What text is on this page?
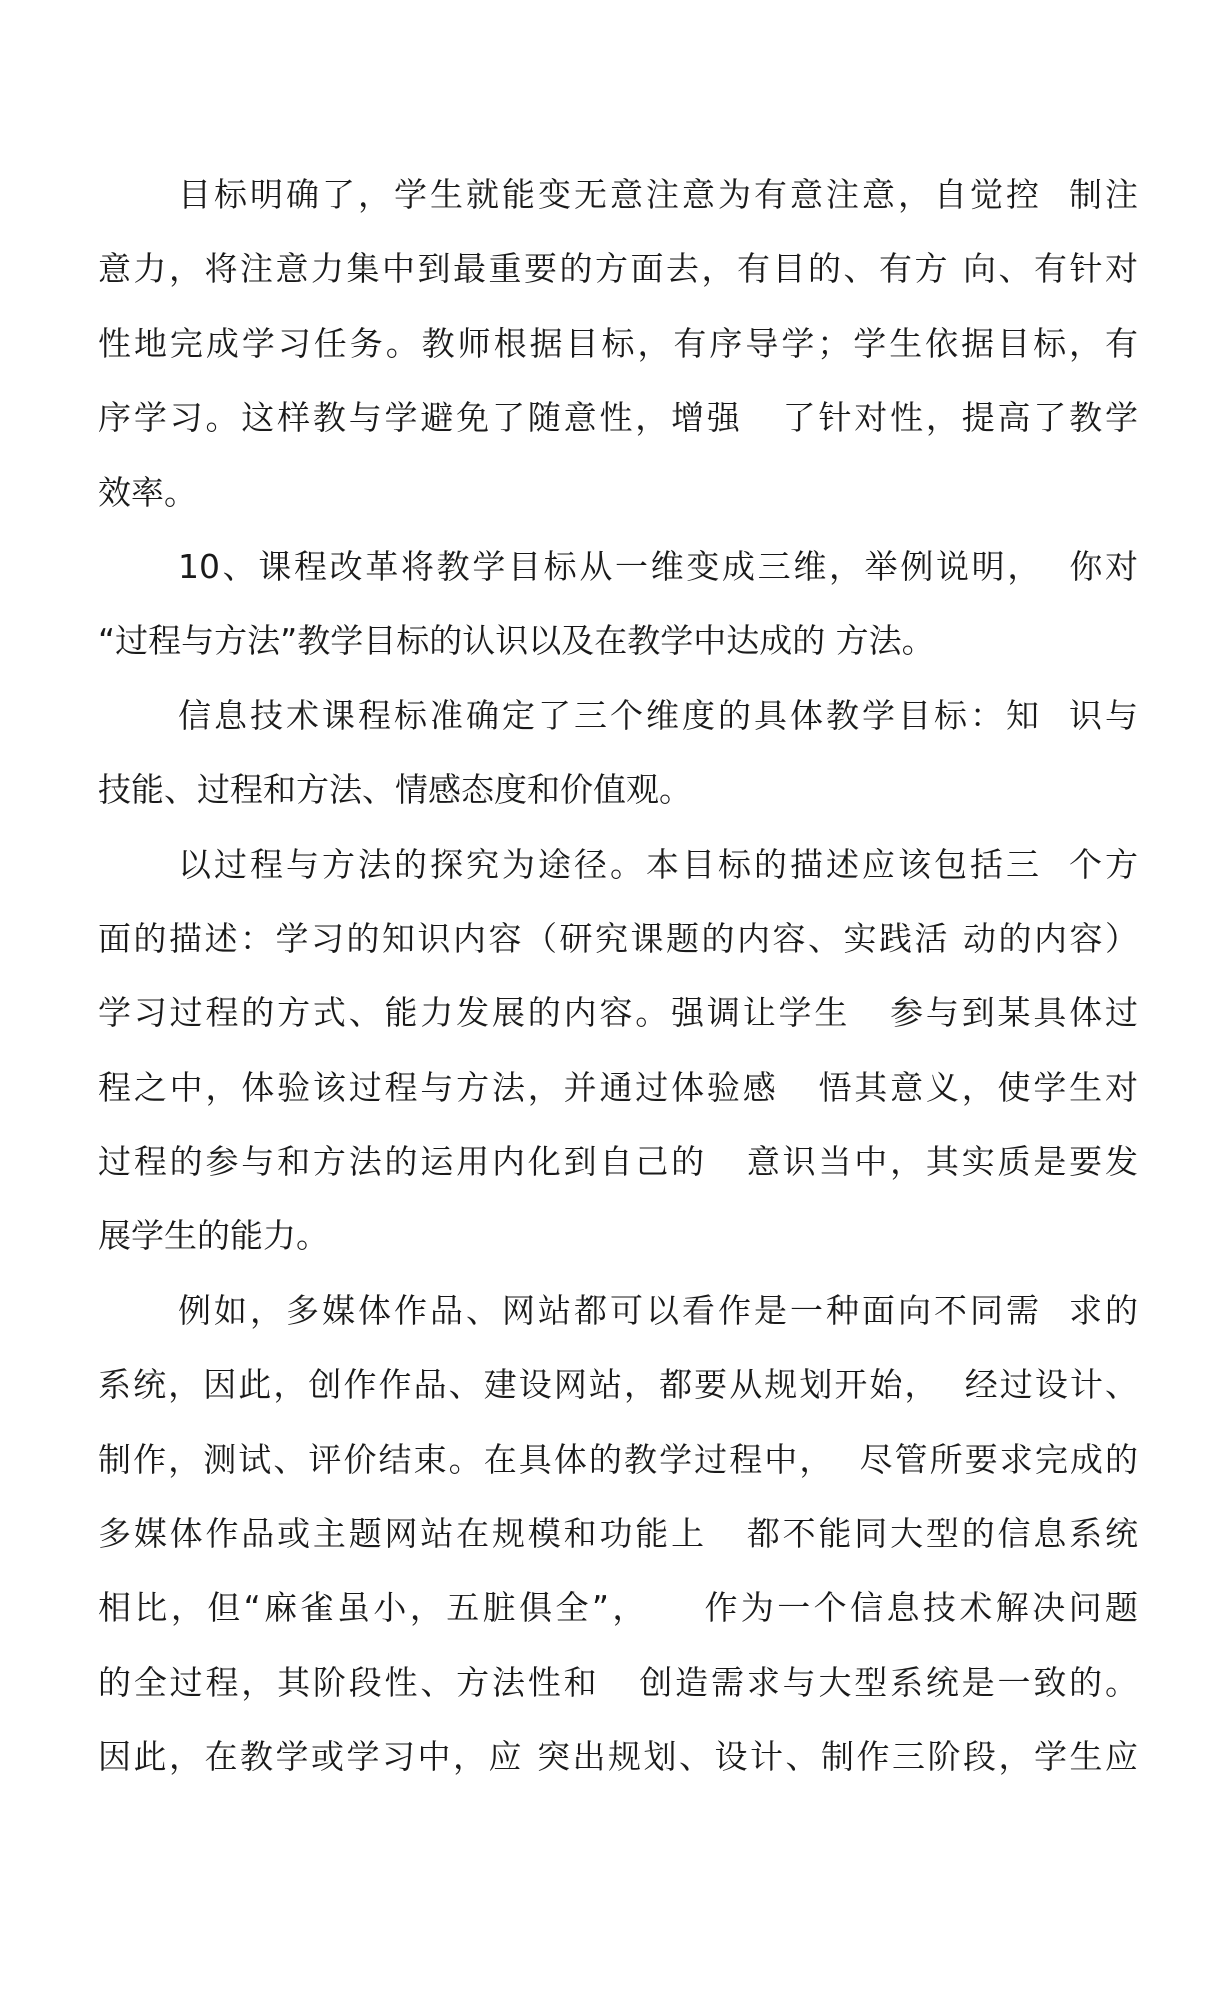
目标明确了，学生就能变无意注意为有意注意，自觉控  制注
意力，将注意力集中到最重要的方面去，有目的、有方 向、有针对
性地完成学习任务。教师根据目标，有序导学；学生依据目标，有
序学习。这样教与学避免了随意性，增强   了针对性，提高了教学
效率。
10、课程改革将教学目标从一维变成三维，举例说明，  你对
“过程与方法”教学目标的认识以及在教学中达成的 方法。
信息技术课程标准确定了三个维度的具体教学目标：知  识与
技能、过程和方法、情感态度和价值观。
以过程与方法的探究为途径。本目标的描述应该包括三  个方
面的描述：学习的知识内容（研究课题的内容、实践活 动的内容）
学习过程的方式、能力发展的内容。强调让学生   参与到某具体过
程之中，体验该过程与方法，并通过体验感   悟其意义，使学生对
过程的参与和方法的运用内化到自己的   意识当中，其实质是要发
展学生的能力。
例如，多媒体作品、网站都可以看作是一种面向不同需  求的
系统，因此，创作作品、建设网站，都要从规划开始，  经过设计、
制作，测试、评价结束。在具体的教学过程中，  尽管所要求完成的
多媒体作品或主题网站在规模和功能上   都不能同大型的信息系统
相比，但“麻雀虽小，五脏俱全”，    作为一个信息技术解决问题
的全过程，其阶段性、方法性和   创造需求与大型系统是一致的。
因此，在教学或学习中，应 突出规划、设计、制作三阶段，学生应
